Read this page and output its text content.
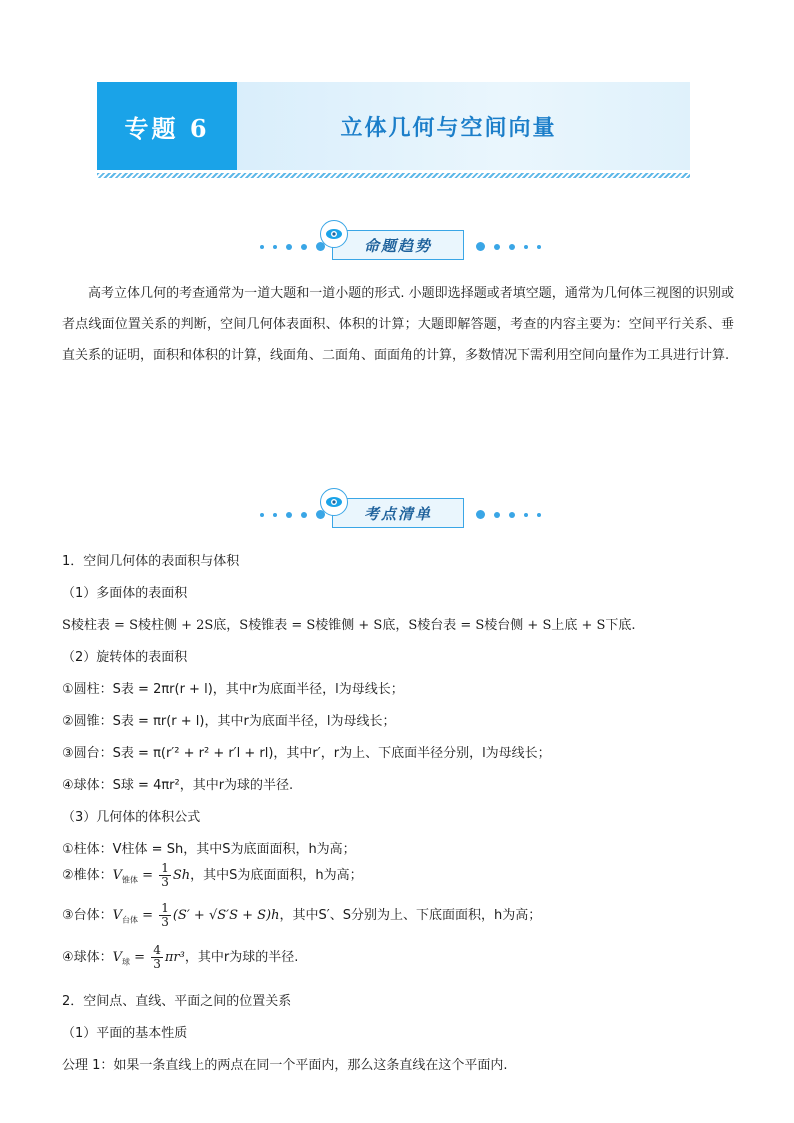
专题 6	立体几何与空间向量
命题趋势
高考立体几何的考查通常为一道大题和一道小题的形式. 小题即选择题或者填空题，通常为几何体三视图的识别或者点线面位置关系的判断，空间几何体表面积、体积的计算；大题即解答题，考查的内容主要为：空间平行关系、垂直关系的证明，面积和体积的计算，线面角、二面角、面面角的计算，多数情况下需利用空间向量作为工具进行计算.
考点清单
1．空间几何体的表面积与体积
（1）多面体的表面积
S棱柱表 = S棱柱侧 + 2S底，S棱锥表 = S棱锥侧 + S底，S棱台表 = S棱台侧 + S上底 + S下底.
（2）旋转体的表面积
①圆柱：S表 = 2πr(r + l)，其中r为底面半径，l为母线长；
②圆锥：S表 = πr(r + l)，其中r为底面半径，l为母线长；
③圆台：S表 = π(r′² + r² + r′l + rl)，其中r′，r为上、下底面半径分别，l为母线长；
④球体：S球 = 4πr²，其中r为球的半径.
（3）几何体的体积公式
①柱体：V柱体 = Sh，其中S为底面面积，h为高；
②椎体：$V_{锥体} = \frac{1}{3}$ Sh，其中S为底面面积，h为高；
③台体：$V_{台体} = \frac{1}{3} (S' + √S'S + S)h$，其中S′、S分别为上、下底面面积，h为高；
④球体：$V_球 = \frac{4}{3} \pi r^3$，其中r为球的半径.
2．空间点、直线、平面之间的位置关系
（1）平面的基本性质
公理 1：如果一条直线上的两点在同一个平面内，那么这条直线在这个平面内.
